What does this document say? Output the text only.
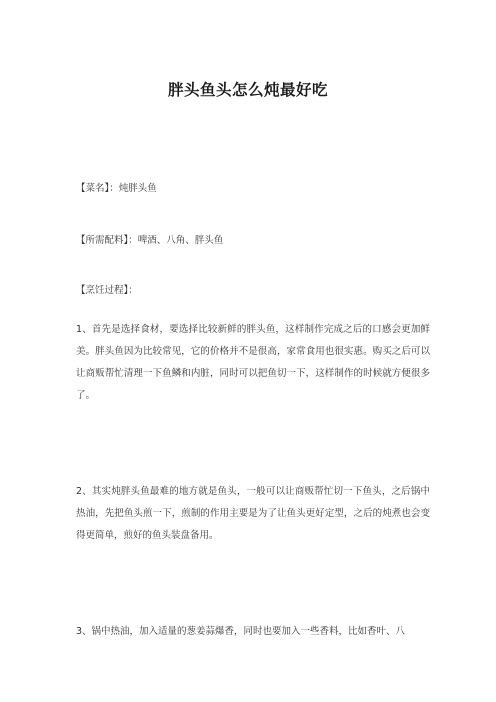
胖头鱼头怎么炖最好吃

【菜名】：炖胖头鱼

【所需配料】：啤酒、八角、胖头鱼

【烹饪过程】：

1、首先是选择食材，要选择比较新鲜的胖头鱼，这样制作完成之后的口感会更加鲜美。胖头鱼因为比较常见，它的价格并不是很高，家常食用也很实惠。购买之后可以让商贩帮忙清理一下鱼鳞和内脏，同时可以把鱼切一下，这样制作的时候就方便很多了。

2、其实炖胖头鱼最难的地方就是鱼头，一般可以让商贩帮忙切一下鱼头，之后锅中热油，先把鱼头煎一下，煎制的作用主要是为了让鱼头更好定型，之后的炖煮也会变得更简单，煎好的鱼头装盘备用。

3、锅中热油，加入适量的葱姜蒜爆香，同时也要加入一些香料，比如香叶、八
